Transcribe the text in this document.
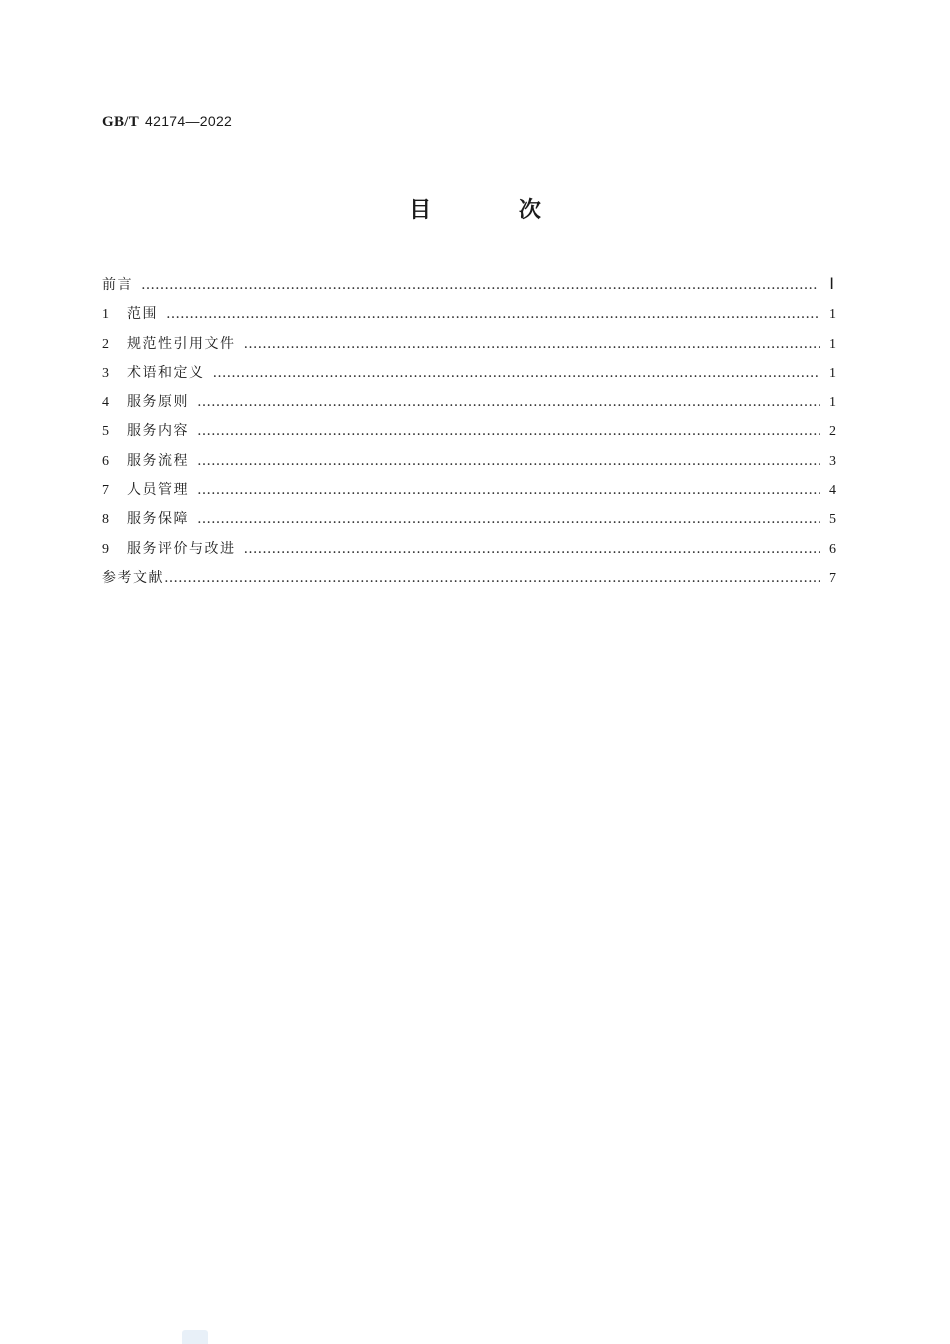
GB/T 42174—2022
目 次
前言 …………………………………………………………………………………………………………………………………………………………………………………………………………………………………………………………	Ⅰ
1	范围 …………………………………………………………………………………………………………………………………………………………………………………………………………………………………………………………	1
2	规范性引用文件 …………………………………………………………………………………………………………………………………………………………………………………………………………………………………………………………	1
3	术语和定义 …………………………………………………………………………………………………………………………………………………………………………………………………………………………………………………………	1
4	服务原则 …………………………………………………………………………………………………………………………………………………………………………………………………………………………………………………………	1
5	服务内容 …………………………………………………………………………………………………………………………………………………………………………………………………………………………………………………………	2
6	服务流程 …………………………………………………………………………………………………………………………………………………………………………………………………………………………………………………………	3
7	人员管理 …………………………………………………………………………………………………………………………………………………………………………………………………………………………………………………………	4
8	服务保障 …………………………………………………………………………………………………………………………………………………………………………………………………………………………………………………………	5
9	服务评价与改进 …………………………………………………………………………………………………………………………………………………………………………………………………………………………………………………………	6
参考文献 …………………………………………………………………………………………………………………………………………………………………………………………………………………………………………………………	7
